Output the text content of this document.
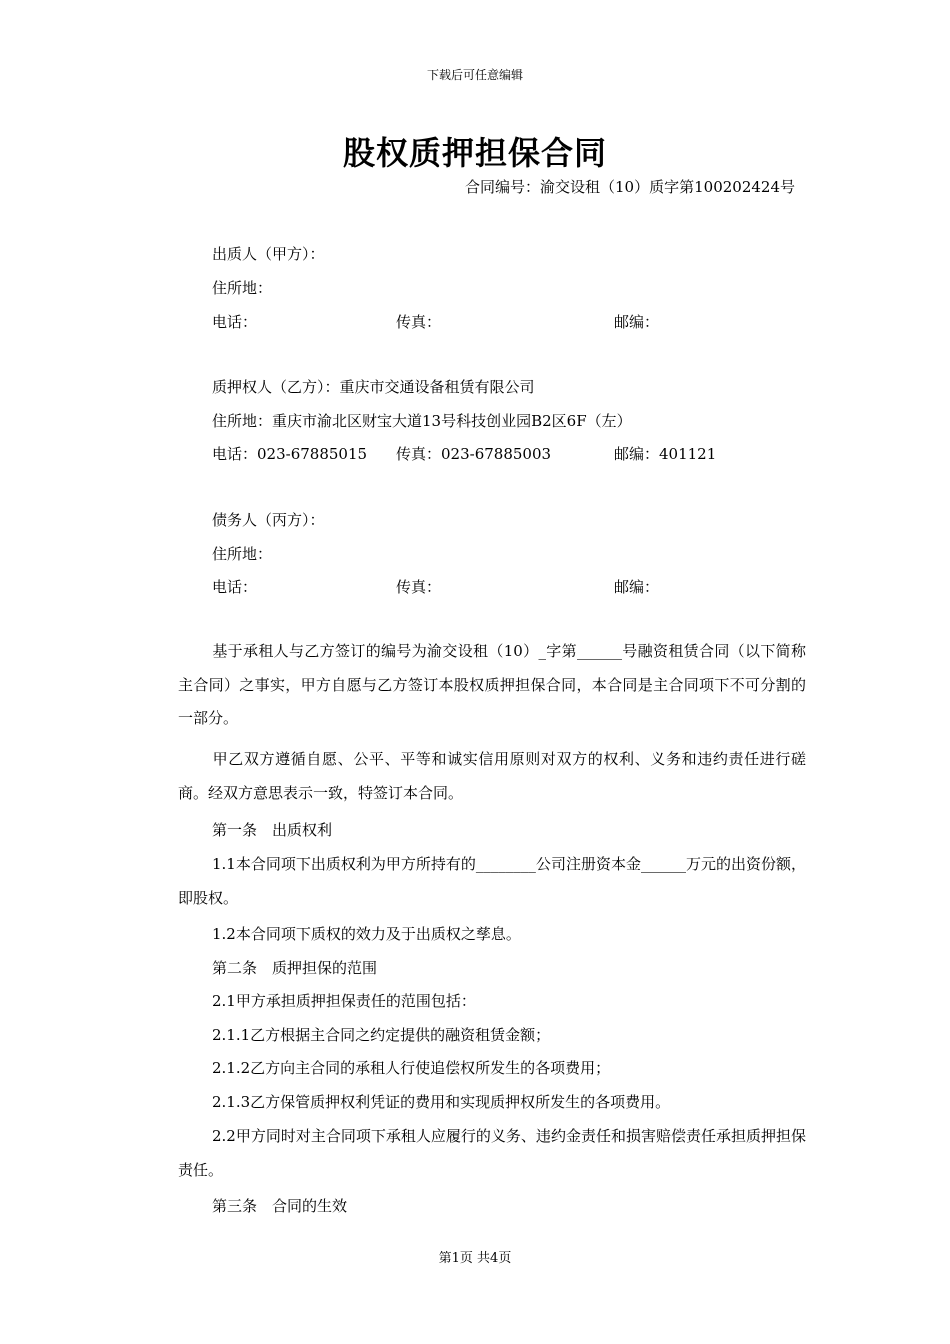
下载后可任意编辑
股权质押担保合同
合同编号：渝交设租（10）质字第100202424号
出质人（甲方）：
住所地：
电话：	传真：	邮编：
质押权人（乙方）：重庆市交通设备租赁有限公司
住所地：重庆市渝北区财宝大道13号科技创业园B2区6F（左）
电话：023-67885015 传真：023-67885003	邮编：401121
债务人（丙方）：
住所地：
电话：	传真：	邮编：
基于承租人与乙方签订的编号为渝交设租（10）_字第______号融资租赁合同（以下简称主合同）之事实，甲方自愿与乙方签订本股权质押担保合同，本合同是主合同项下不可分割的一部分。
甲乙双方遵循自愿、公平、平等和诚实信用原则对双方的权利、义务和违约责任进行磋商。经双方意思表示一致，特签订本合同。
第一条　出质权利
1.1本合同项下出质权利为甲方所持有的________公司注册资本金______万元的出资份额，即股权。
1.2本合同项下质权的效力及于出质权之孳息。
第二条　质押担保的范围
2.1甲方承担质押担保责任的范围包括：
2.1.1乙方根据主合同之约定提供的融资租赁金额；
2.1.2乙方向主合同的承租人行使追偿权所发生的各项费用；
2.1.3乙方保管质押权利凭证的费用和实现质押权所发生的各项费用。
2.2甲方同时对主合同项下承租人应履行的义务、违约金责任和损害赔偿责任承担质押担保责任。
第三条　合同的生效
第1页 共4页
